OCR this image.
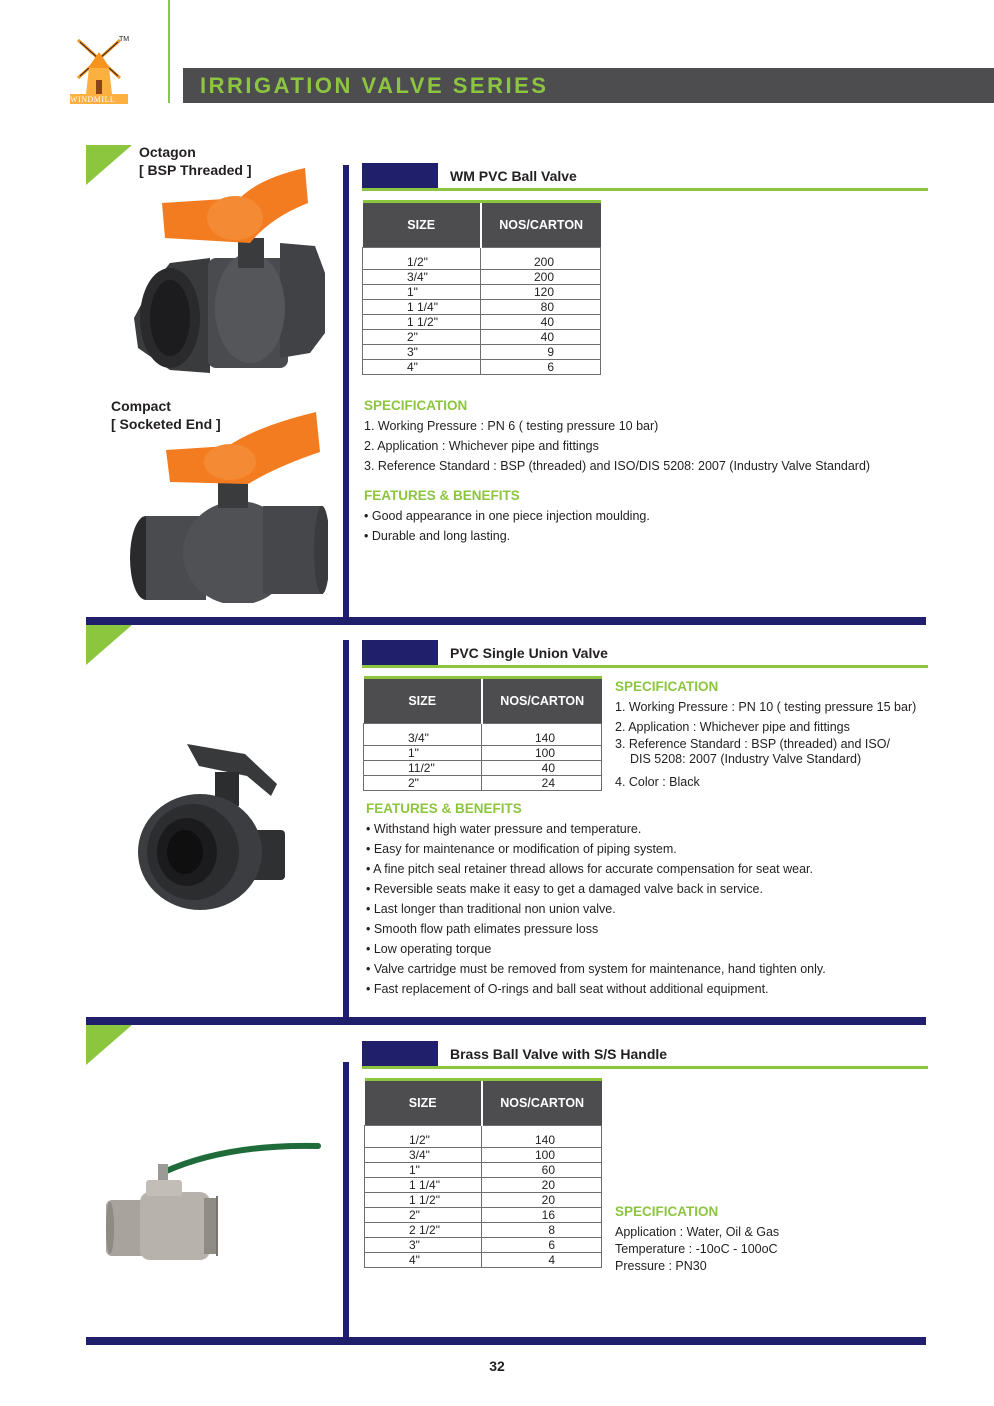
WINDMILL
TM
IRRIGATION VALVE SERIES
Octagon
[ BSP Threaded ]
Compact
[ Socketed End ]
WM PVC Ball Valve
SIZE	NOS/CARTON
1/2"	200
3/4"	200
1"	120
1 1/4"	80
1 1/2"	40
2"	40
3"	9
4"	6
SPECIFICATION
1. Working Pressure : PN 6 ( testing pressure 10 bar)
2. Application : Whichever pipe and fittings
3. Reference Standard : BSP (threaded) and ISO/DIS 5208: 2007 (Industry Valve Standard)
FEATURES & BENEFITS
• Good appearance in one piece injection moulding.
• Durable and long lasting.
PVC Single Union Valve
SIZE	NOS/CARTON
3/4"	140
1"	100
11/2"	40
2"	24
SPECIFICATION
1. Working Pressure : PN 10 ( testing pressure 15 bar)
2. Application : Whichever pipe and fittings
3. Reference Standard : BSP (threaded) and ISO/
DIS 5208: 2007 (Industry Valve Standard)
4. Color : Black
FEATURES & BENEFITS
• Withstand high water pressure and temperature.
• Easy for maintenance or modification of piping system.
• A fine pitch seal retainer thread allows for accurate compensation for seat wear.
• Reversible seats make it easy to get a damaged valve back in service.
• Last longer than traditional non union valve.
• Smooth flow path elimates pressure loss
• Low operating torque
• Valve cartridge must be removed from system for maintenance, hand tighten only.
• Fast replacement of O-rings and ball seat without additional equipment.
Brass Ball Valve with S/S Handle
SIZE	NOS/CARTON
1/2"	140
3/4"	100
1"	60
1 1/4"	20
1 1/2"	20
2"	16
2 1/2"	8
3"	6
4"	4
SPECIFICATION
Application : Water, Oil & Gas
Temperature : -10oC - 100oC
Pressure : PN30
32
